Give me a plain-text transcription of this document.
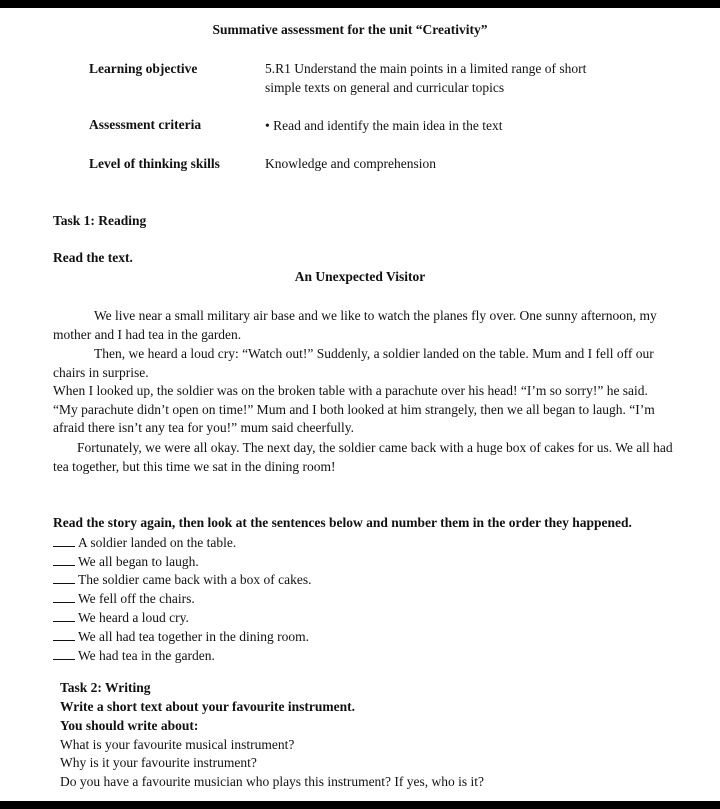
Summative assessment for the unit “Creativity”
Learning objective	5.R1 Understand the main points in a limited range of short
simple texts on general and curricular topics
Assessment criteria	• Read and identify the main idea in the text
Level of thinking skills	Knowledge and comprehension
Task 1: Reading
Read the text.
An Unexpected Visitor
We live near a small military air base and we like to watch the planes fly over. One sunny afternoon, my mother and I had tea in the garden.
Then, we heard a loud cry: “Watch out!” Suddenly, a soldier landed on the table. Mum and I fell off our chairs in surprise.
When I looked up, the soldier was on the broken table with a parachute over his head! “I’m so sorry!” he said. “My parachute didn’t open on time!” Mum and I both looked at him strangely, then we all began to laugh. “I’m afraid there isn’t any tea for you!” mum said cheerfully.
Fortunately, we were all okay. The next day, the soldier came back with a huge box of cakes for us. We all had tea together, but this time we sat in the dining room!
Read the story again, then look at the sentences below and number them in the order they happened.
A soldier landed on the table.
We all began to laugh.
The soldier came back with a box of cakes.
We fell off the chairs.
We heard a loud cry.
We all had tea together in the dining room.
We had tea in the garden.
Task 2: Writing
Write a short text about your favourite instrument.
You should write about:
What is your favourite musical instrument?
Why is it your favourite instrument?
Do you have a favourite musician who plays this instrument? If yes, who is it?
